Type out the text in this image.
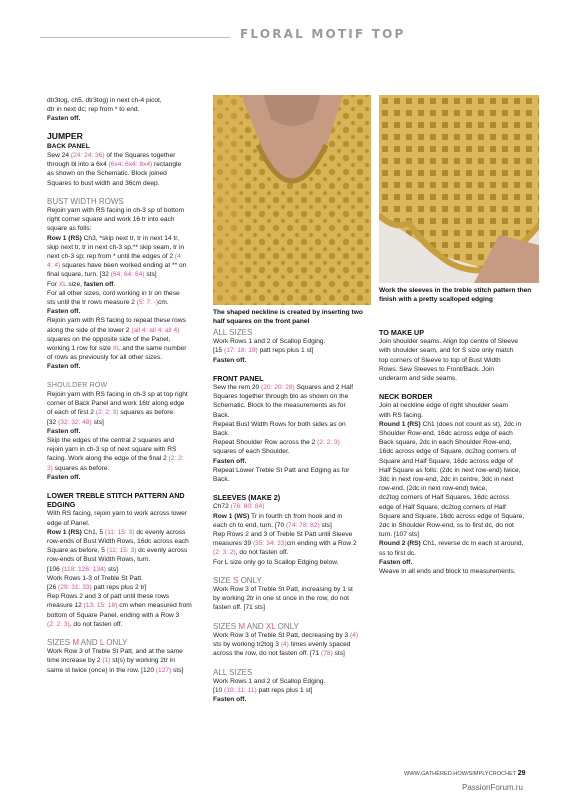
FLORAL MOTIF TOP
dtr3tog, ch5, dtr3tog) in next ch-4 picot,
dtr in next dc; rep from * to end.
Fasten off.
JUMPER
BACK PANEL
Sew 24 (24: 24: 36) of the Squares together
through bl into a 6x4 (6x4: 6x4: 8x4) rectangle
as shown on the Schematic. Block joined
Squares to bust width and 36cm deep.
BUST WIDTH ROWS
Rejoin yarn with RS facing in ch-3 sp of bottom
right corner square and work 16 tr into each
square as folls:
Row 1 (RS) Ch3, *skip next tr, tr in next 14 tr,
skip next tr, tr in next ch-3 sp,** skip seam, tr in
next ch-3 sp; rep from * until the edges of 2 (4:
4: 4) squares have been worked ending at ** on
final square, turn. [32 (64: 64: 64) sts]
For XL size, fasten off.
For all other sizes, cont working in tr on these
sts until the tr rows measure 2 (5: 7: -)cm.
Fasten off.
Rejoin yarn with RS facing to repeat these rows
along the side of the lower 2 (all 4: all 4: all 4)
squares on the opposite side of the Panel,
working 1 row for size XL and the same number
of rows as previously for all other sizes.
Fasten off.
SHOULDER ROW
Rejoin yarn with RS facing in ch-3 sp at top right
corner of Back Panel and work 16tr along edge
of each of first 2 (2: 2: 3) squares as before.
[32 (32: 32: 48) sts]
Fasten off.
Skip the edges of the central 2 squares and
rejoin yarn in ch-3 sp of next square with RS
facing. Work along the edge of the final 2 (2: 2:
3) squares as before.
Fasten off.
LOWER TREBLE STITCH PATTERN AND
EDGING
With RS facing, rejoin yarn to work across lower
edge of Panel.
Row 1 (RS) Ch1, 5 (11: 15: 3) dc evenly across
row-ends of Bust Width Rows, 16dc across each
Square as before, 5 (11: 15: 3) dc evenly across
row-ends of Bust Width Rows, turn.
[106 (118: 126: 134) sts]
Work Rows 1-3 of Treble St Patt.
[26 (29: 31: 33) patt reps plus 2 tr]
Rep Rows 2 and 3 of patt until these rows
measure 12 (13: 15: 18) cm when measured from
bottom of Square Panel, ending with a Row 3
(2: 2: 3), do not fasten off.
SIZES M AND L ONLY
Work Row 3 of Treble St Patt, and at the same
time increase by 2 (1) st(s) by working 2tr in
same st twice (once) in the row. [120 (127) sts]
The shaped neckline is created by inserting two half squares on the front panel
Work the sleeves in the treble stitch pattern then finish with a pretty scalloped edging
ALL SIZES
Work Rows 1 and 2 of Scallop Edging.
[15 (17: 18: 19) patt reps plus 1 st]
Fasten off.
FRONT PANEL
Sew the rem 20 (20: 20: 28) Squares and 2 Half
Squares together through blo as shown on the
Schematic. Block to the measurements as for
Back.
Repeat Bust Width Rows for both sides as on
Back.
Repeat Shoulder Row across the 2 (2: 2: 3)
squares of each Shoulder.
Fasten off.
Repeat Lower Treble St Patt and Edging as for
Back.
SLEEVES (MAKE 2)
Ch72 (76: 80: 84)
Row 1 (WS) Tr in fourth ch from hook and in
each ch to end, turn. [70 (74: 78: 82) sts]
Rep Rows 2 and 3 of Treble St Patt until Sleeve
measures 39 (35: 34: 33)cm ending with a Row 2
(2: 3: 2), do not fasten off.
For L size only go to Scallop Edging below.
SIZE S ONLY
Work Row 3 of Treble St Patt, increasing by 1 st
by working 2tr in one st once in the row, do not
fasten off. [71 sts]
SIZES M AND XL ONLY
Work Row 3 of Treble St Patt, decreasing by 3 (4)
sts by working tr2tog 3 (4) times evenly spaced
across the row, do not fasten off. [71 (78) sts]
ALL SIZES
Work Rows 1 and 2 of Scallop Edging.
[10 (10: 11: 11) patt reps plus 1 st]
Fasten off.
TO MAKE UP
Join shoulder seams. Align top centre of Sleeve
with shoulder seam, and for S size only match
top corners of Sleeve to top of Bust Width
Rows. Sew Sleeves to Front/Back. Join
underarm and side seams.
NECK BORDER
Join at neckline edge of right shoulder seam
with RS facing.
Round 1 (RS) Ch1 (does not count as st), 2dc in
Shoulder Row-end, 16dc across edge of each
Back square, 2dc in each Shoulder Row-end,
16dc across edge of Square, dc2tog corners of
Square and Half Square, 16dc across edge of
Half Square as folls: (2dc in next row-end) twice,
3dc in next row-end, 2dc in centre, 3dc in next
row-end, (2dc in next row-end) twice,
dc2tog corners of Half Squares, 16dc across
edge of Half Square, dc2tog corners of Half
Square and Square, 16dc across edge of Square,
2dc in Shoulder Row-end, ss to first dc, do not
turn. [107 sts]
Round 2 (RS) Ch1, reverse dc in each st around,
ss to first dc.
Fasten off.
Weave in all ends and block to measurements.
WWW.GATHERED.HOW/SIMPLYCROCHET 29
PassionForum.ru
